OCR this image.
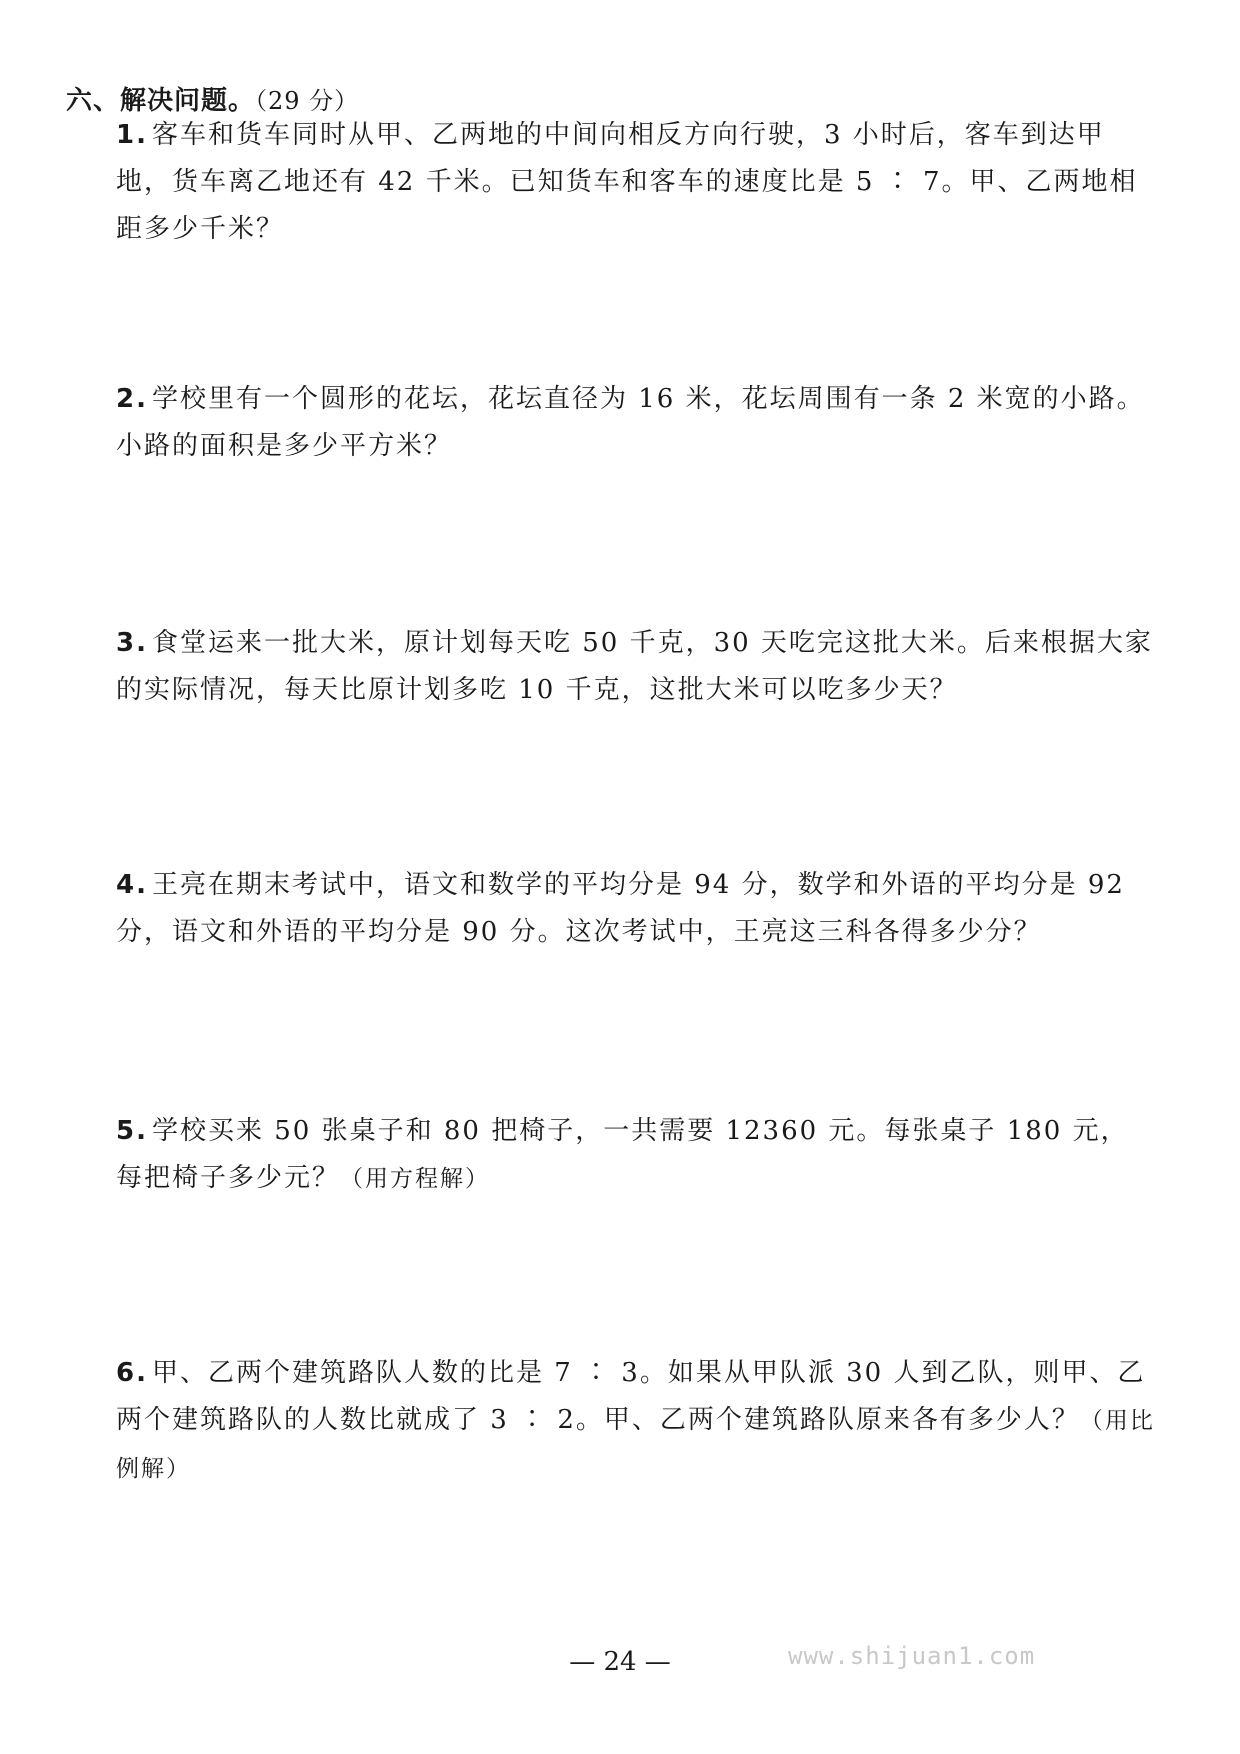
六、解决问题。（29 分）
1. 客车和货车同时从甲、乙两地的中间向相反方向行驶，3 小时后，客车到达甲地，货车离乙地还有 42 千米。已知货车和客车的速度比是 5 ∶ 7。甲、乙两地相距多少千米？
2. 学校里有一个圆形的花坛，花坛直径为 16 米，花坛周围有一条 2 米宽的小路。小路的面积是多少平方米？
3. 食堂运来一批大米，原计划每天吃 50 千克，30 天吃完这批大米。后来根据大家的实际情况，每天比原计划多吃 10 千克，这批大米可以吃多少天？
4. 王亮在期末考试中，语文和数学的平均分是 94 分，数学和外语的平均分是 92 分，语文和外语的平均分是 90 分。这次考试中，王亮这三科各得多少分？
5. 学校买来 50 张桌子和 80 把椅子，一共需要 12360 元。每张桌子 180 元，每把椅子多少元？（用方程解）
6. 甲、乙两个建筑路队人数的比是 7 ∶ 3。如果从甲队派 30 人到乙队，则甲、乙两个建筑路队的人数比就成了 3 ∶ 2。甲、乙两个建筑路队原来各有多少人？（用比例解）
— 24 —	www.shijuan1.com
